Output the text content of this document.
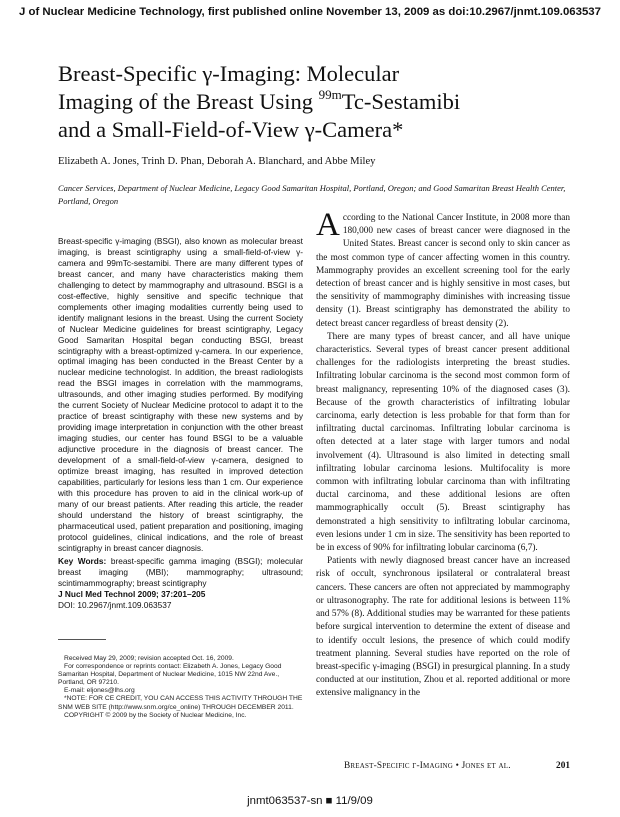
J of Nuclear Medicine Technology, first published online November 13, 2009 as doi:10.2967/jnmt.109.063537
Breast-Specific γ-Imaging: Molecular
Imaging of the Breast Using $^{99m}$Tc-Sestamibi
and a Small-Field-of-View γ-Camera*
Elizabeth A. Jones, Trinh D. Phan, Deborah A. Blanchard, and Abbe Miley
Cancer Services, Department of Nuclear Medicine, Legacy Good Samaritan Hospital, Portland, Oregon; and Good Samaritan Breast Health Center, Portland, Oregon
Breast-specific γ-imaging (BSGI), also known as molecular breast imaging, is breast scintigraphy using a small-field-of-view γ-camera and 99mTc-sestamibi. There are many different types of breast cancer, and many have characteristics making them challenging to detect by mammography and ultrasound. BSGI is a cost-effective, highly sensitive and specific technique that complements other imaging modalities currently being used to identify malignant lesions in the breast. Using the current Society of Nuclear Medicine guidelines for breast scintigraphy, Legacy Good Samaritan Hospital began conducting BSGI, breast scintigraphy with a breast-optimized γ-camera. In our experience, optimal imaging has been conducted in the Breast Center by a nuclear medicine technologist. In addition, the breast radiologists read the BSGI images in correlation with the mammograms, ultrasounds, and other imaging studies performed. By modifying the current Society of Nuclear Medicine protocol to adapt it to the practice of breast scintigraphy with these new systems and by providing image interpretation in conjunction with the other breast imaging studies, our center has found BSGI to be a valuable adjunctive procedure in the diagnosis of breast cancer. The development of a small-field-of-view γ-camera, designed to optimize breast imaging, has resulted in improved detection capabilities, particularly for lesions less than 1 cm. Our experience with this procedure has proven to aid in the clinical work-up of many of our breast patients. After reading this article, the reader should understand the history of breast scintigraphy, the pharmaceutical used, patient preparation and positioning, imaging protocol guidelines, clinical indications, and the role of breast scintigraphy in breast cancer diagnosis.
Key Words: breast-specific gamma imaging (BSGI); molecular breast imaging (MBI); mammography; ultrasound; scintimammography; breast scintigraphy
J Nucl Med Technol 2009; 37:201–205
DOI: 10.2967/jnmt.109.063537

Received May 29, 2009; revision accepted Oct. 16, 2009.

For correspondence or reprints contact: Elizabeth A. Jones, Legacy Good Samaritan Hospital, Department of Nuclear Medicine, 1015 NW 22nd Ave., Portland, OR 97210.

E-mail: eljones@lhs.org

*NOTE: FOR CE CREDIT, YOU CAN ACCESS THIS ACTIVITY THROUGH THE SNM WEB SITE (http://www.snm.org/ce_online) THROUGH DECEMBER 2011.

COPYRIGHT © 2009 by the Society of Nuclear Medicine, Inc.

According to the National Cancer Institute, in 2008 more than 180,000 new cases of breast cancer were diagnosed in the United States. Breast cancer is second only to skin cancer as the most common type of cancer affecting women in this country. Mammography provides an excellent screening tool for the early detection of breast cancer and is highly sensitive in most cases, but the sensitivity of mammography diminishes with increasing tissue density (1). Breast scintigraphy has demonstrated the ability to detect breast cancer regardless of breast density (2).

There are many types of breast cancer, and all have unique characteristics. Several types of breast cancer present additional challenges for the radiologists interpreting the breast studies. Infiltrating lobular carcinoma is the second most common form of breast malignancy, representing 10% of the diagnosed cases (3). Because of the growth characteristics of infiltrating lobular carcinoma, early detection is less probable for that form than for infiltrating ductal carcinomas. Infiltrating lobular carcinoma is often detected at a later stage with larger tumors and nodal involvement (4). Ultrasound is also limited in detecting small infiltrating lobular carcinoma lesions. Multifocality is more common with infiltrating lobular carcinoma than with infiltrating ductal carcinoma, and these additional lesions are often mammographically occult (5). Breast scintigraphy has demonstrated a high sensitivity to infiltrating lobular carcinoma, even lesions under 1 cm in size. The sensitivity has been reported to be in excess of 90% for infiltrating lobular carcinoma (6,7).

Patients with newly diagnosed breast cancer have an increased risk of occult, synchronous ipsilateral or contralateral breast cancers. These cancers are often not appreciated by mammography or ultrasonography. The rate for additional lesions is between 11% and 57% (8). Additional studies may be warranted for these patients before surgical intervention to determine the extent of disease and to identify occult lesions, the presence of which could modify treatment planning. Several studies have reported on the role of breast-specific γ-imaging (BSGI) in presurgical planning. In a study conducted at our institution, Zhou et al. reported additional or more extensive malignancy in the

Breast-Specific γ-Imaging • Jones et al.	201
jnmt063537-sn ■ 11/9/09
